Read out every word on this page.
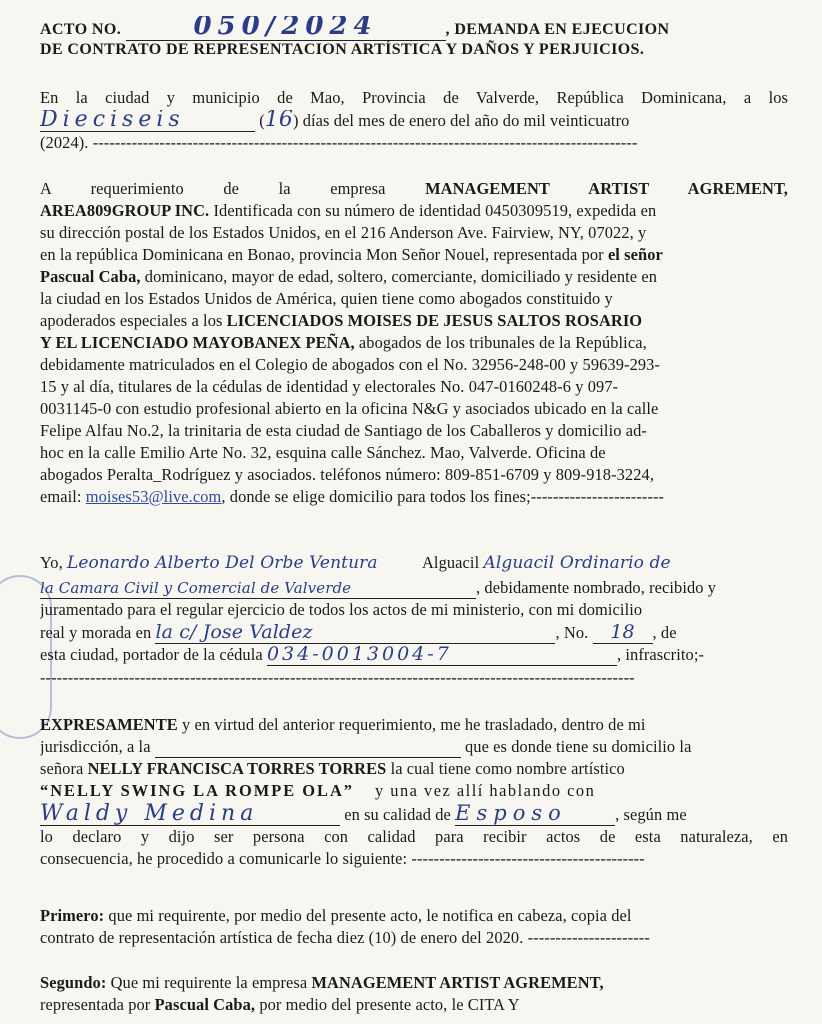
ACTO NO.	050/2024	, DEMANDA EN EJECUCION
DE CONTRATO DE REPRESENTACION ARTÍSTICA Y DAÑOS Y PERJUICIOS.
En la ciudad y municipio de Mao, Provincia de Valverde, República Dominicana, a los
Dieciseis	(16) días del mes de enero del año do mil veinticuatro
(2024). --------------------------------------------------------------------------------------------------
A requerimiento de la empresa MANAGEMENT ARTIST AGREMENT,
AREA809GROUP INC. Identificada con su número de identidad 0450309519, expedida en
su dirección postal de los Estados Unidos, en el 216 Anderson Ave. Fairview, NY, 07022, y
en la república Dominicana en Bonao, provincia Mon Señor Nouel, representada por el señor
Pascual Caba, dominicano, mayor de edad, soltero, comerciante, domiciliado y residente en
la ciudad en los Estados Unidos de América, quien tiene como abogados constituido y
apoderados especiales a los LICENCIADOS MOISES DE JESUS SALTOS ROSARIO
Y EL LICENCIADO MAYOBANEX PEÑA, abogados de los tribunales de la República,
debidamente matriculados en el Colegio de abogados con el No. 32956-248-00 y 59639-293-
15 y al día, titulares de la cédulas de identidad y electorales No. 047-0160248-6 y 097-
0031145-0 con estudio profesional abierto en la oficina N&G y asociados ubicado en la calle
Felipe Alfau No.2, la trinitaria de esta ciudad de Santiago de los Caballeros y domicilio ad-
hoc en la calle Emilio Arte No. 32, esquina calle Sánchez. Mao, Valverde. Oficina de
abogados Peralta_Rodríguez y asociados. teléfonos número: 809-851-6709 y 809-918-3224,
email: moises53@live.com, donde se elige domicilio para todos los fines;------------------------
Yo, Leonardo Alberto Del Orbe Ventura	Alguacil Alguacil Ordinario de
la Camara Civil y Comercial de Valverde	, debidamente nombrado, recibido y
juramentado para el regular ejercicio de todos los actos de mi ministerio, con mi domicilio
real y morada en la c/ Jose Valdez	, No. 18 , de
esta ciudad, portador de la cédula 034-0013004-7	, infrascrito;-
-----------------------------------------------------------------------------------------------------------
EXPRESAMENTE y en virtud del anterior requerimiento, me he trasladado, dentro de mi
jurisdicción, a la	que es donde tiene su domicilio la
señora NELLY FRANCISCA TORRES TORRES la cual tiene como nombre artístico
“NELLY SWING LA ROMPE OLA” y una vez allí hablando con
Waldy Medina	en su calidad de Esposo	, según me
lo declaro y dijo ser persona con calidad para recibir actos de esta naturaleza, en
consecuencia, he procedido a comunicarle lo siguiente: ------------------------------------------
Primero: que mi requirente, por medio del presente acto, le notifica en cabeza, copia del
contrato de representación artística de fecha diez (10) de enero del 2020. ----------------------
Segundo: Que mi requirente la empresa MANAGEMENT ARTIST AGREMENT,
representada por Pascual Caba, por medio del presente acto, le CITA Y
